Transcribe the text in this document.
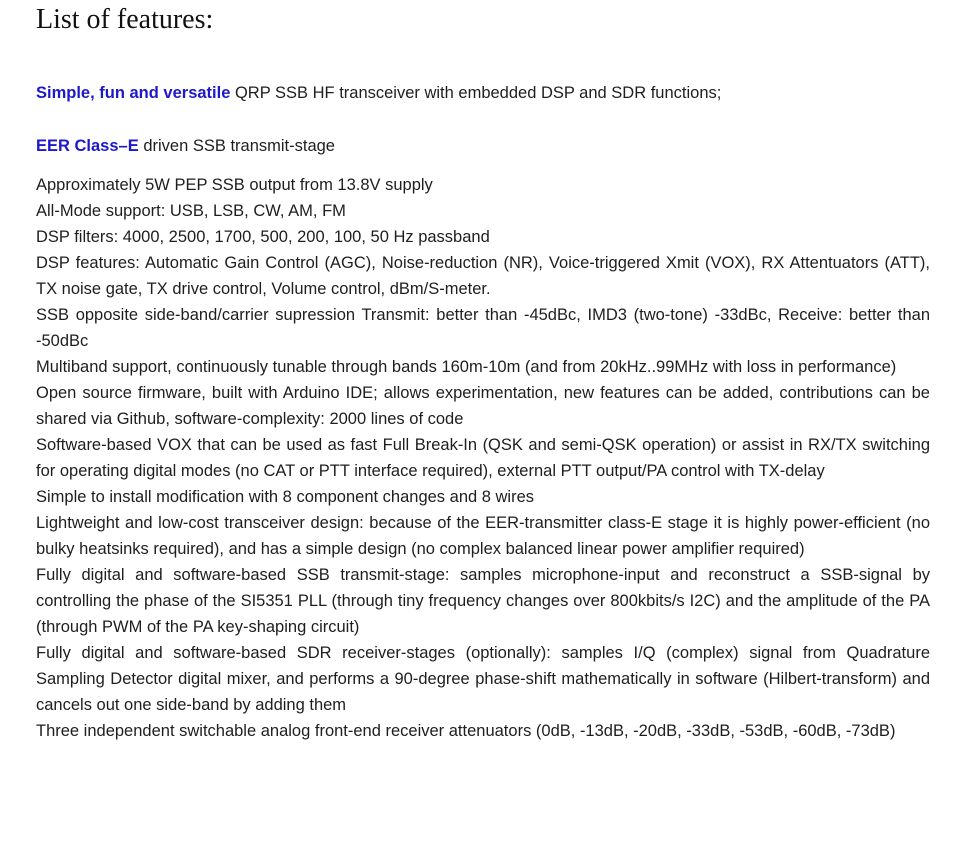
List of features:

Simple, fun and versatile QRP SSB HF transceiver with embedded DSP and SDR functions;

EER Class–E driven SSB transmit-stage

Approximately 5W PEP SSB output from 13.8V supply

All-Mode support: USB, LSB, CW, AM, FM

DSP filters: 4000, 2500, 1700, 500, 200, 100, 50 Hz passband

DSP features: Automatic Gain Control (AGC), Noise-reduction (NR), Voice-triggered Xmit (VOX), RX Attentuators (ATT), TX noise gate, TX drive control, Volume control, dBm/S-meter.

SSB opposite side-band/carrier supression Transmit: better than -45dBc, IMD3 (two-tone) -33dBc, Receive: better than -50dBc

Multiband support, continuously tunable through bands 160m-10m (and from 20kHz..99MHz with loss in performance)

Open source firmware, built with Arduino IDE; allows experimentation, new features can be added, contributions can be shared via Github, software-complexity: 2000 lines of code

Software-based VOX that can be used as fast Full Break-In (QSK and semi-QSK operation) or assist in RX/TX switching for operating digital modes (no CAT or PTT interface required), external PTT output/PA control with TX-delay

Simple to install modification with 8 component changes and 8 wires

Lightweight and low-cost transceiver design: because of the EER-transmitter class-E stage it is highly power-efficient (no bulky heatsinks required), and has a simple design (no complex balanced linear power amplifier required)

Fully digital and software-based SSB transmit-stage: samples microphone-input and reconstruct a SSB-signal by controlling the phase of the SI5351 PLL (through tiny frequency changes over 800kbits/s I2C) and the amplitude of the PA (through PWM of the PA key-shaping circuit)

Fully digital and software-based SDR receiver-stages (optionally): samples I/Q (complex) signal from Quadrature Sampling Detector digital mixer, and performs a 90-degree phase-shift mathematically in software (Hilbert-transform) and cancels out one side-band by adding them

Three independent switchable analog front-end receiver attenuators (0dB, -13dB, -20dB, -33dB, -53dB, -60dB, -73dB)
